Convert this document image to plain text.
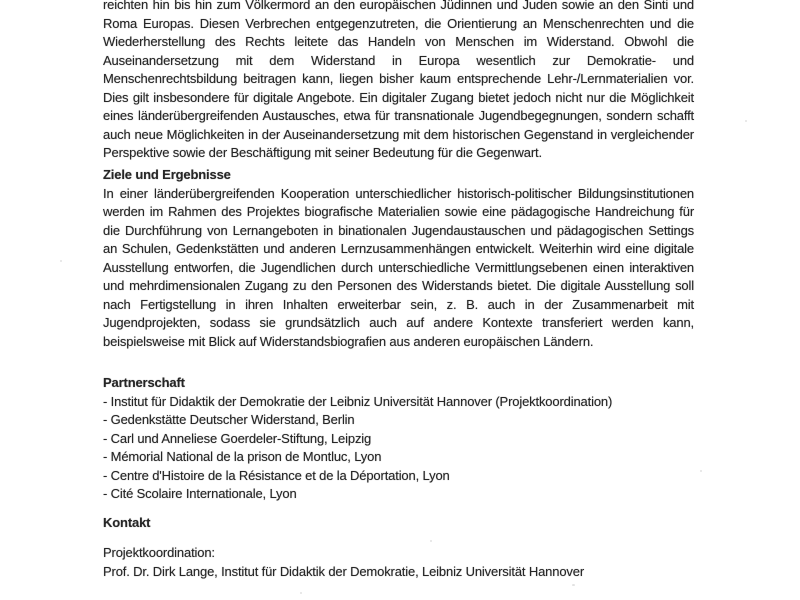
reichten hin bis hin zum Völkermord an den europäischen Jüdinnen und Juden sowie an den Sinti und Roma Europas. Diesen Verbrechen entgegenzutreten, die Orientierung an Menschenrechten und die Wiederherstellung des Rechts leitete das Handeln von Menschen im Widerstand. Obwohl die Auseinandersetzung mit dem Widerstand in Europa wesentlich zur Demokratie- und Menschenrechtsbildung beitragen kann, liegen bisher kaum entsprechende Lehr-/Lernmaterialien vor. Dies gilt insbesondere für digitale Angebote. Ein digitaler Zugang bietet jedoch nicht nur die Möglichkeit eines länderübergreifenden Austausches, etwa für transnationale Jugendbegegnungen, sondern schafft auch neue Möglichkeiten in der Auseinandersetzung mit dem historischen Gegenstand in vergleichender Perspektive sowie der Beschäftigung mit seiner Bedeutung für die Gegenwart.

Ziele und Ergebnisse

In einer länderübergreifenden Kooperation unterschiedlicher historisch-politischer Bildungsinstitutionen werden im Rahmen des Projektes biografische Materialien sowie eine pädagogische Handreichung für die Durchführung von Lernangeboten in binationalen Jugendaustauschen und pädagogischen Settings an Schulen, Gedenkstätten und anderen Lernzusammenhängen entwickelt. Weiterhin wird eine digitale Ausstellung entworfen, die Jugendlichen durch unterschiedliche Vermittlungsebenen einen interaktiven und mehrdimensionalen Zugang zu den Personen des Widerstands bietet. Die digitale Ausstellung soll nach Fertigstellung in ihren Inhalten erweiterbar sein, z. B. auch in der Zusammenarbeit mit Jugendprojekten, sodass sie grundsätzlich auch auf andere Kontexte transferiert werden kann, beispielsweise mit Blick auf Widerstandsbiografien aus anderen europäischen Ländern.

Partnerschaft

- Institut für Didaktik der Demokratie der Leibniz Universität Hannover (Projektkoordination)

- Gedenkstätte Deutscher Widerstand, Berlin

- Carl und Anneliese Goerdeler-Stiftung, Leipzig

- Mémorial National de la prison de Montluc, Lyon

- Centre d'Histoire de la Résistance et de la Déportation, Lyon

- Cité Scolaire Internationale, Lyon

Kontakt

Projektkoordination:

Prof. Dr. Dirk Lange, Institut für Didaktik der Demokratie, Leibniz Universität Hannover
